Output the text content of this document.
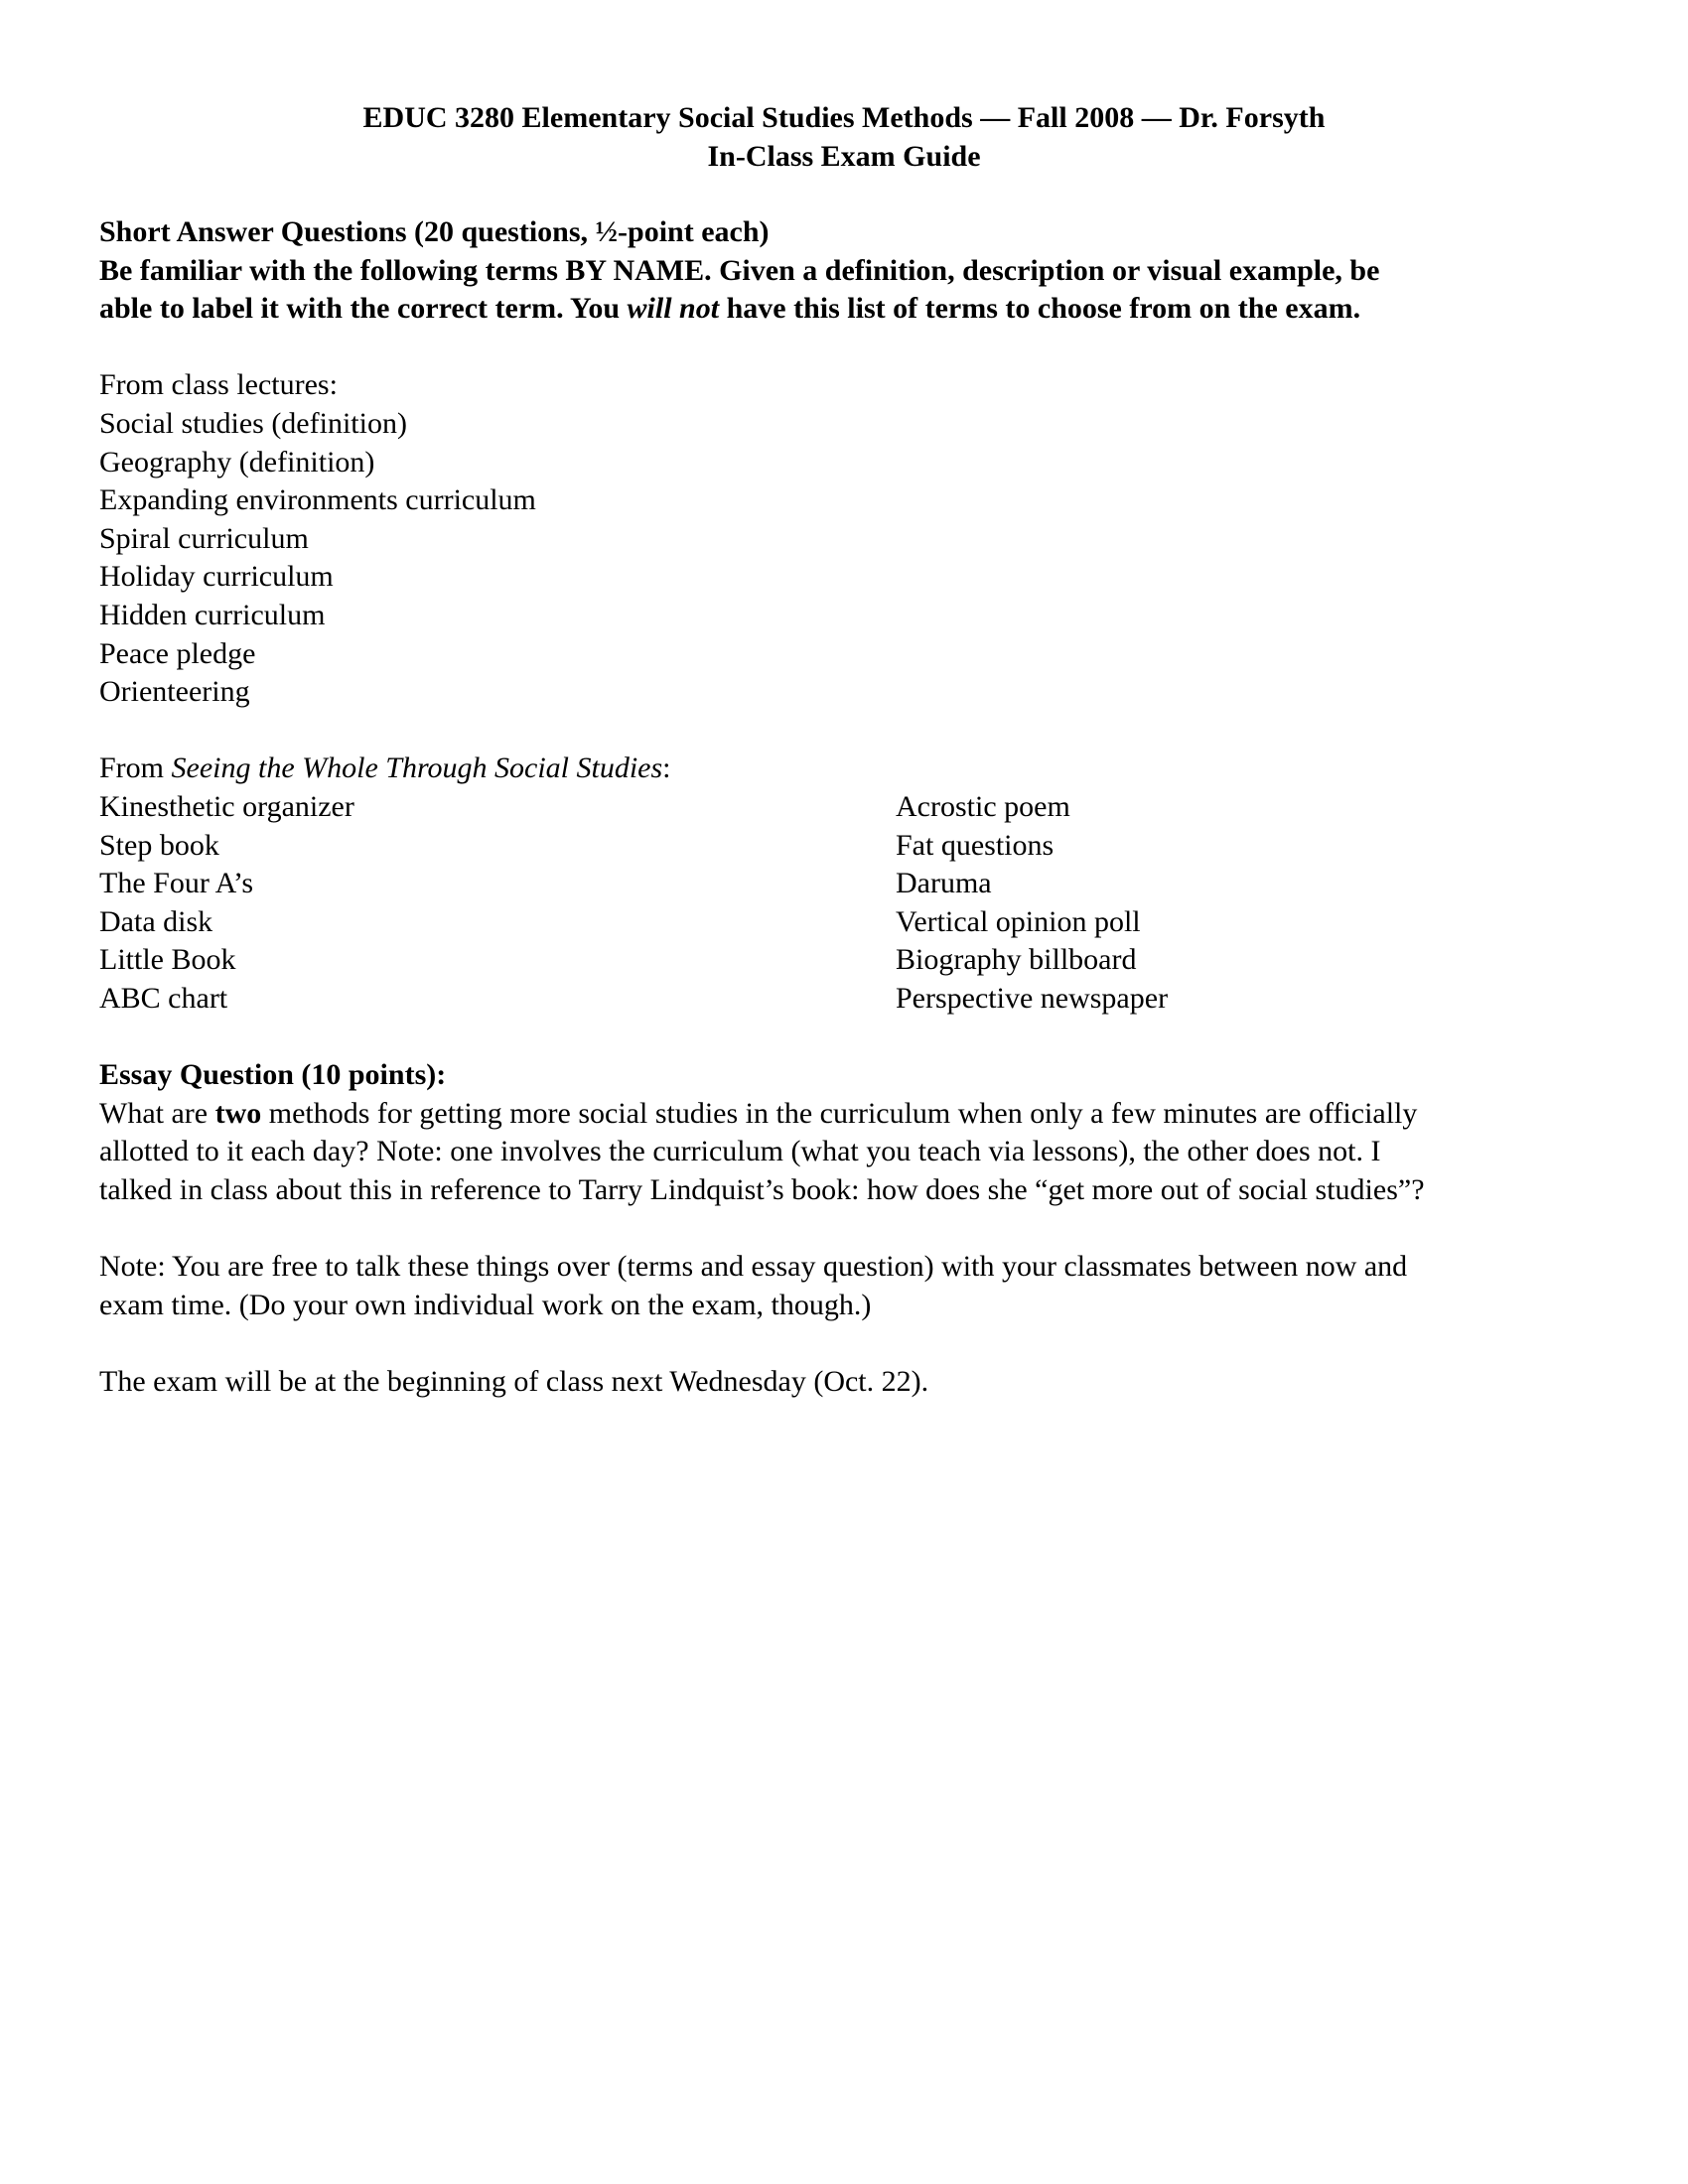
EDUC 3280 Elementary Social Studies Methods — Fall 2008 — Dr. Forsyth
In-Class Exam Guide
Short Answer Questions (20 questions, ½-point each)
Be familiar with the following terms BY NAME. Given a definition, description or visual example, be
able to label it with the correct term. You will not have this list of terms to choose from on the exam.
From class lectures:
Social studies (definition)
Geography (definition)
Expanding environments curriculum
Spiral curriculum
Holiday curriculum
Hidden curriculum
Peace pledge
Orienteering
From Seeing the Whole Through Social Studies:
Kinesthetic organizer
Step book
The Four A’s
Data disk
Little Book
ABC chart
Acrostic poem
Fat questions
Daruma
Vertical opinion poll
Biography billboard
Perspective newspaper
Essay Question (10 points):
What are two methods for getting more social studies in the curriculum when only a few minutes are officially
allotted to it each day? Note: one involves the curriculum (what you teach via lessons), the other does not. I
talked in class about this in reference to Tarry Lindquist’s book: how does she “get more out of social studies”?
Note: You are free to talk these things over (terms and essay question) with your classmates between now and
exam time. (Do your own individual work on the exam, though.)
The exam will be at the beginning of class next Wednesday (Oct. 22).
